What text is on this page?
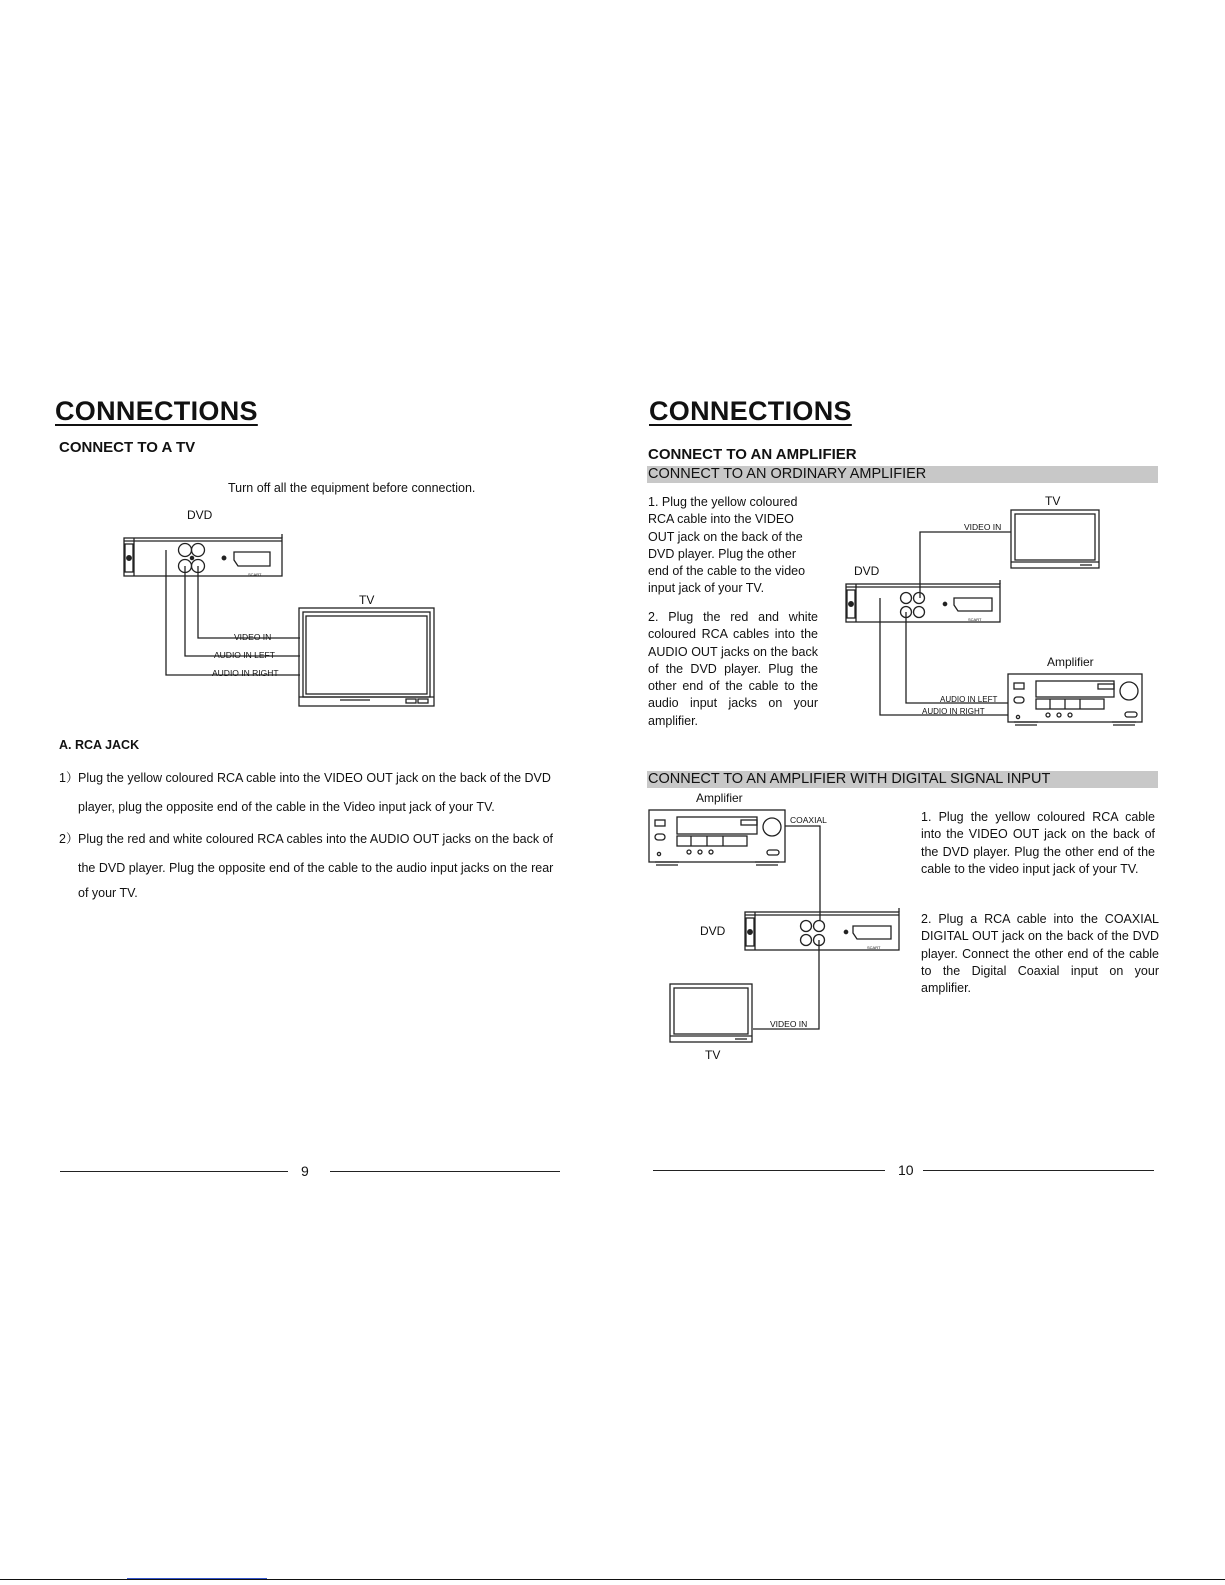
CONNECTIONS
CONNECT TO A TV
Turn off all the equipment before connection.
DVD
TV
SCART
VIDEO IN
AUDIO IN LEFT
AUDIO IN RIGHT
A. RCA JACK
1） Plug the yellow coloured RCA cable into the VIDEO OUT jack on the back of the DVD
player, plug the opposite end of the cable in the Video input jack of your TV.
2） Plug the red and white coloured RCA cables into the AUDIO OUT jacks on the back of
the DVD player. Plug the opposite end of the cable to the audio input jacks on the rear
of your TV.
9
CONNECTIONS
CONNECT TO AN AMPLIFIER
CONNECT TO AN ORDINARY AMPLIFIER
1. Plug the yellow coloured RCA cable into the VIDEO OUT jack on the back of the DVD player. Plug the other end of the cable to the video input jack of your TV.
2. Plug the red and white coloured RCA cables into the AUDIO OUT jacks on the back of the DVD player. Plug the other end of the cable to the audio input jacks on your amplifier.
TV
VIDEO IN
DVD
SCART
Amplifier
AUDIO IN LEFT
AUDIO IN RIGHT
CONNECT TO AN AMPLIFIER WITH DIGITAL SIGNAL INPUT
Amplifier
COAXIAL
DVD
SCART
VIDEO IN
TV
1. Plug the yellow coloured RCA cable into the VIDEO OUT jack on the back of the DVD player. Plug the other end of the cable to the video input jack of your TV.
2. Plug a RCA cable into the COAXIAL DIGITAL OUT jack on the back of the DVD player. Connect the other end of the cable to the Digital Coaxial input on your amplifier.
10
